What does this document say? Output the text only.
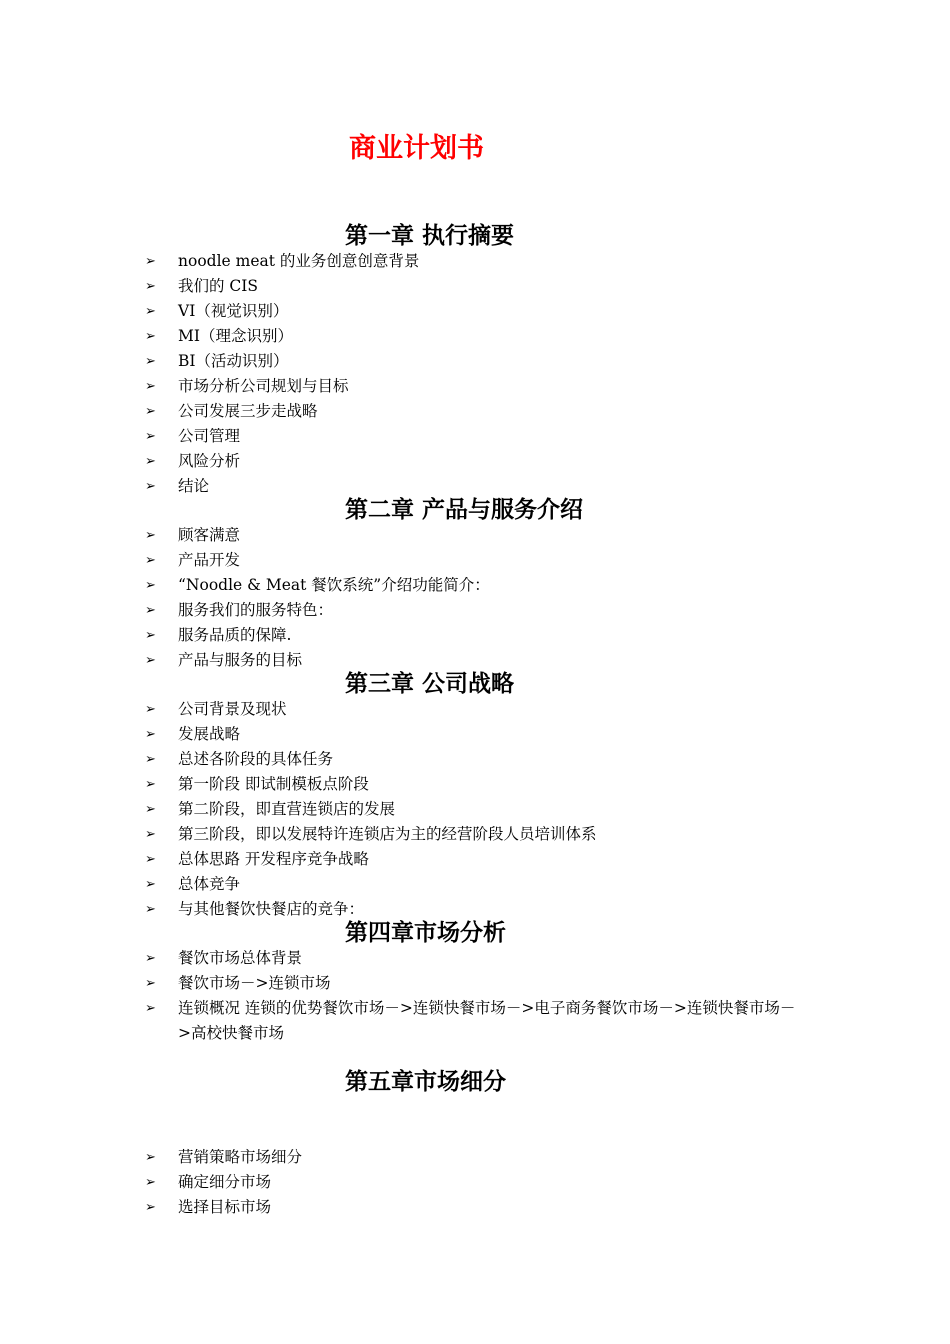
商业计划书
第一章 执行摘要
➢ noodle meat 的业务创意创意背景
➢ 我们的 CIS
➢ VI（视觉识别）
➢ MI（理念识别）
➢ BI（活动识别）
➢ 市场分析公司规划与目标
➢ 公司发展三步走战略
➢ 公司管理
➢ 风险分析
➢ 结论
第二章 产品与服务介绍
➢ 顾客满意
➢ 产品开发
➢ “Noodle & Meat 餐饮系统”介绍功能简介：
➢ 服务我们的服务特色：
➢ 服务品质的保障.
➢ 产品与服务的目标
第三章 公司战略
➢ 公司背景及现状
➢ 发展战略
➢ 总述各阶段的具体任务
➢ 第一阶段 即试制模板点阶段
➢ 第二阶段，即直营连锁店的发展
➢ 第三阶段，即以发展特许连锁店为主的经营阶段人员培训体系
➢ 总体思路 开发程序竞争战略
➢ 总体竞争
➢ 与其他餐饮快餐店的竞争：
第四章市场分析
➢ 餐饮市场总体背景
➢ 餐饮市场－>连锁市场
➢ 连锁概况 连锁的优势餐饮市场－>连锁快餐市场－>电子商务餐饮市场－>连锁快餐市场－>高校快餐市场
第五章市场细分
➢ 营销策略市场细分
➢ 确定细分市场
➢ 选择目标市场
